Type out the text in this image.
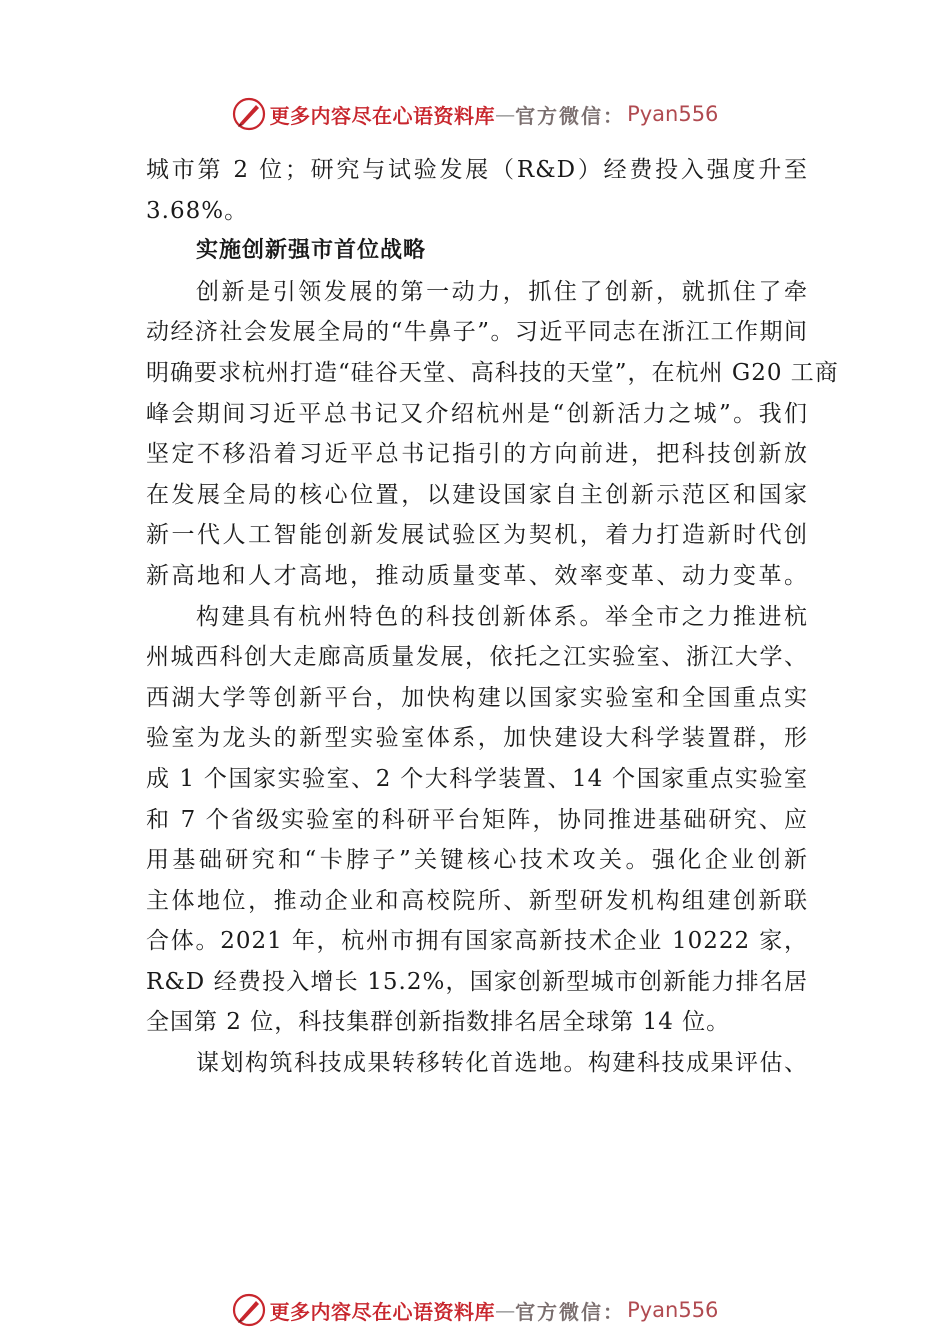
更多内容尽在心语资料库 — 官方微信： Pyan556
城市第 2 位；研究与试验发展（R&D）经费投入强度升至
3.68%。
实施创新强市首位战略
创新是引领发展的第一动力，抓住了创新，就抓住了牵
动经济社会发展全局的“牛鼻子”。习近平同志在浙江工作期间
明确要求杭州打造“硅谷天堂、高科技的天堂”，在杭州 G20 工商
峰会期间习近平总书记又介绍杭州是“创新活力之城”。我们
坚定不移沿着习近平总书记指引的方向前进，把科技创新放
在发展全局的核心位置，以建设国家自主创新示范区和国家
新一代人工智能创新发展试验区为契机，着力打造新时代创
新高地和人才高地，推动质量变革、效率变革、动力变革。
构建具有杭州特色的科技创新体系。举全市之力推进杭
州城西科创大走廊高质量发展，依托之江实验室、浙江大学、
西湖大学等创新平台，加快构建以国家实验室和全国重点实
验室为龙头的新型实验室体系，加快建设大科学装置群，形
成 1 个国家实验室、2 个大科学装置、14 个国家重点实验室
和 7 个省级实验室的科研平台矩阵，协同推进基础研究、应
用基础研究和“卡脖子”关键核心技术攻关。强化企业创新
主体地位，推动企业和高校院所、新型研发机构组建创新联
合体。2021 年，杭州市拥有国家高新技术企业 10222 家，
R&D 经费投入增长 15.2%，国家创新型城市创新能力排名居
全国第 2 位，科技集群创新指数排名居全球第 14 位。
谋划构筑科技成果转移转化首选地。构建科技成果评估、
更多内容尽在心语资料库 — 官方微信： Pyan556
